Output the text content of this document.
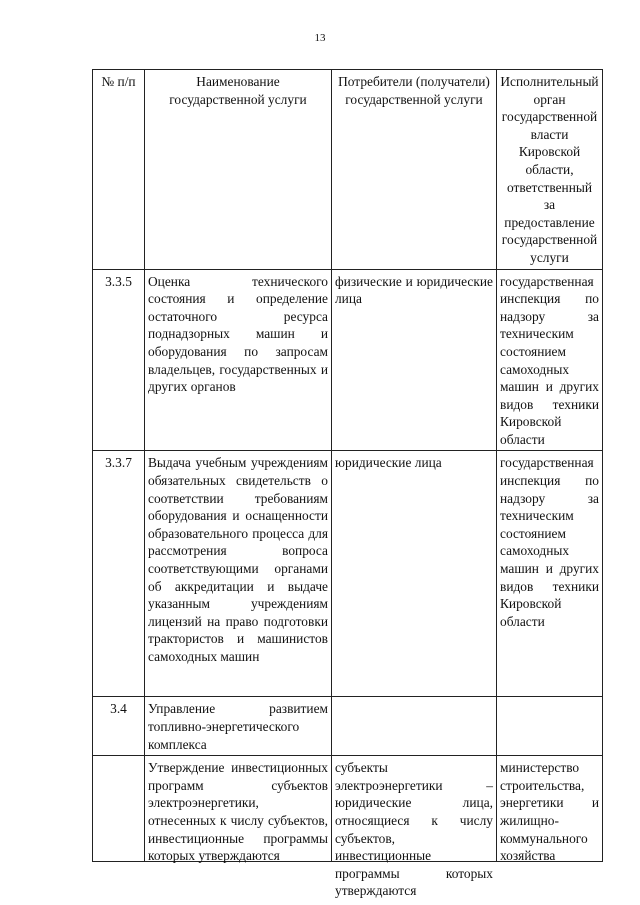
13
№ п/п	Наименование государственной услуги	Потребители (получатели) государственной услуги	Исполнительный орган государственной власти Кировской области, ответственный за предоставление государственной услуги
3.3.5	Оценка технического состояния и определение остаточного ресурса поднадзорных машин и оборудования по запросам владельцев, государственных и других органов	физические и юридические лица	государственная инспекция по надзору за техническим состоянием самоходных машин и других видов техники Кировской области
3.3.7	Выдача учебным учреждениям обязательных свидетельств о соответствии требованиям оборудования и оснащенности образовательного процесса для рассмотрения вопроса соответствующими органами об аккредитации и выдаче указанным учреждениям лицензий на право подготовки трактористов и машинистов самоходных машин	юридические лица	государственная инспекция по надзору за техническим состоянием самоходных машин и других видов техники Кировской области
3.4	Управление развитием топливно-энергетического комплекса		

	Утверждение инвестиционных программ субъектов электроэнергетики, отнесенных к числу субъектов, инвестиционные программы которых утверждаются	субъекты электроэнергетики – юридические лица, относящиеся к числу субъектов, инвестиционные программы которых утверждаются	министерство строительства, энергетики и жилищно-коммунального хозяйства
